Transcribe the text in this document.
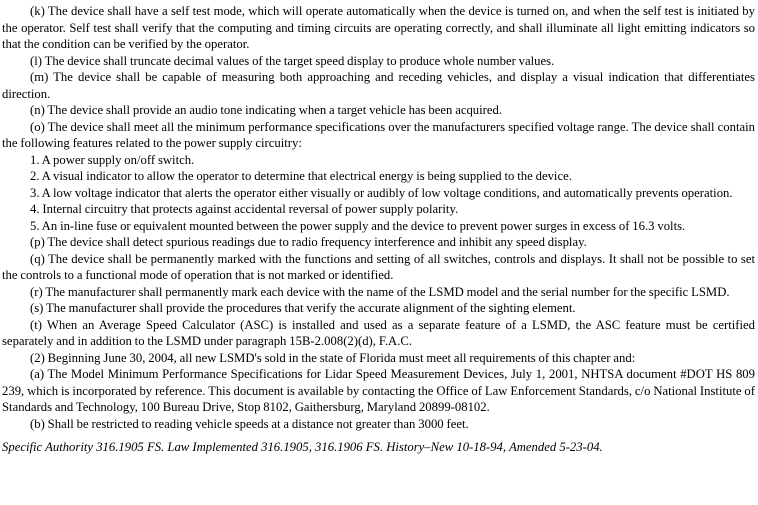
(k) The device shall have a self test mode, which will operate automatically when the device is turned on, and when the self test is initiated by the operator. Self test shall verify that the computing and timing circuits are operating correctly, and shall illuminate all light emitting indicators so that the condition can be verified by the operator.

(l) The device shall truncate decimal values of the target speed display to produce whole number values.

(m) The device shall be capable of measuring both approaching and receding vehicles, and display a visual indication that differentiates direction.

(n) The device shall provide an audio tone indicating when a target vehicle has been acquired.

(o) The device shall meet all the minimum performance specifications over the manufacturers specified voltage range. The device shall contain the following features related to the power supply circuitry:

1. A power supply on/off switch.

2. A visual indicator to allow the operator to determine that electrical energy is being supplied to the device.

3. A low voltage indicator that alerts the operator either visually or audibly of low voltage conditions, and automatically prevents operation.

4. Internal circuitry that protects against accidental reversal of power supply polarity.

5. An in-line fuse or equivalent mounted between the power supply and the device to prevent power surges in excess of 16.3 volts.

(p) The device shall detect spurious readings due to radio frequency interference and inhibit any speed display.

(q) The device shall be permanently marked with the functions and setting of all switches, controls and displays. It shall not be possible to set the controls to a functional mode of operation that is not marked or identified.

(r) The manufacturer shall permanently mark each device with the name of the LSMD model and the serial number for the specific LSMD.

(s) The manufacturer shall provide the procedures that verify the accurate alignment of the sighting element.

(t) When an Average Speed Calculator (ASC) is installed and used as a separate feature of a LSMD, the ASC feature must be certified separately and in addition to the LSMD under paragraph 15B-2.008(2)(d), F.A.C.

(2) Beginning June 30, 2004, all new LSMD's sold in the state of Florida must meet all requirements of this chapter and:

(a) The Model Minimum Performance Specifications for Lidar Speed Measurement Devices, July 1, 2001, NHTSA document #DOT HS 809 239, which is incorporated by reference. This document is available by contacting the Office of Law Enforcement Standards, c/o National Institute of Standards and Technology, 100 Bureau Drive, Stop 8102, Gaithersburg, Maryland 20899-08102.

(b) Shall be restricted to reading vehicle speeds at a distance not greater than 3000 feet.

Specific Authority 316.1905 FS. Law Implemented 316.1905, 316.1906 FS. History–New 10-18-94, Amended 5-23-04.
